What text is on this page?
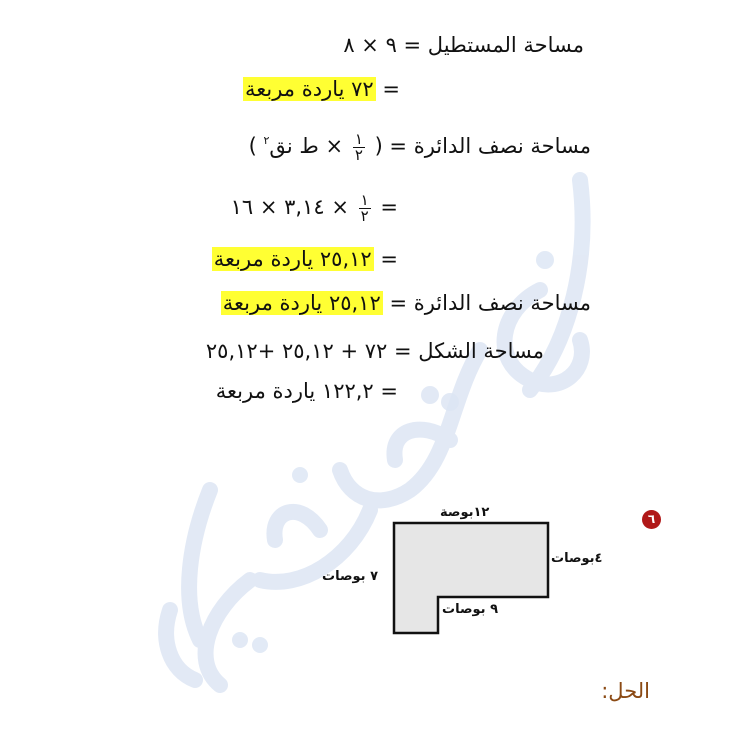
مساحة المستطيل = ٩ × ٨
= ٧٢ ياردة مربعة
مساحة نصف الدائرة = (
$\frac{١}{٢}$
× ط نق$^٢$ )
=
$\frac{١}{٢}$
× ٣,١٤ × ١٦
= ٢٥,١٢ ياردة مربعة
مساحة نصف الدائرة = ٢٥,١٢ ياردة مربعة
مساحة الشكل = ٧٢ + ٢٥,١٢ +٢٥,١٢
= ١٢٢,٢ ياردة مربعة
٦
١٢بوصة
٤بوصات
٧ بوصات
٩ بوصات
الحل:
